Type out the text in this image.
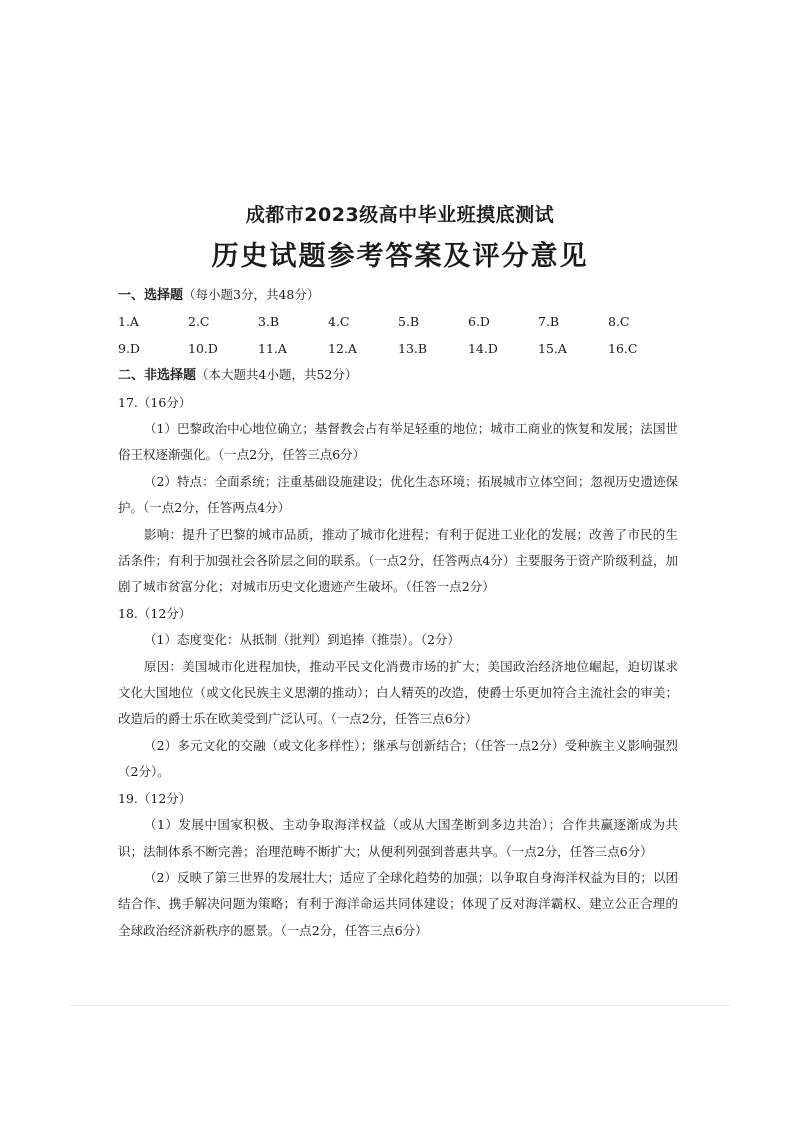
成都市2023级高中毕业班摸底测试
历史试题参考答案及评分意见
一、选择题（每小题3分，共48分）
1.A	2.C	3.B	4.C	5.B	6.D	7.B	8.C
9.D	10.D	11.A	12.A	13.B	14.D	15.A	16.C
二、非选择题（本大题共4小题，共52分）
17.（16分）
（1）巴黎政治中心地位确立；基督教会占有举足轻重的地位；城市工商业的恢复和发展；法国世俗王权逐渐强化。（一点2分，任答三点6分）
（2）特点：全面系统；注重基础设施建设；优化生态环境；拓展城市立体空间；忽视历史遗迹保护。（一点2分，任答两点4分）
影响：提升了巴黎的城市品质，推动了城市化进程；有利于促进工业化的发展；改善了市民的生活条件；有利于加强社会各阶层之间的联系。（一点2分，任答两点4分）主要服务于资产阶级利益，加剧了城市贫富分化；对城市历史文化遗迹产生破坏。（任答一点2分）
18.（12分）
（1）态度变化：从抵制（批判）到追捧（推崇）。（2分）
原因：美国城市化进程加快，推动平民文化消费市场的扩大；美国政治经济地位崛起，迫切谋求文化大国地位（或文化民族主义思潮的推动）；白人精英的改造，使爵士乐更加符合主流社会的审美；改造后的爵士乐在欧美受到广泛认可。（一点2分，任答三点6分）
（2）多元文化的交融（或文化多样性）；继承与创新结合；（任答一点2分）受种族主义影响强烈（2分）。
19.（12分）
（1）发展中国家积极、主动争取海洋权益（或从大国垄断到多边共治）；合作共赢逐渐成为共识；法制体系不断完善；治理范畴不断扩大；从便利列强到普惠共享。（一点2分，任答三点6分）
（2）反映了第三世界的发展壮大；适应了全球化趋势的加强；以争取自身海洋权益为目的；以团结合作、携手解决问题为策略；有利于海洋命运共同体建设；体现了反对海洋霸权、建立公正合理的全球政治经济新秩序的愿景。（一点2分，任答三点6分）
